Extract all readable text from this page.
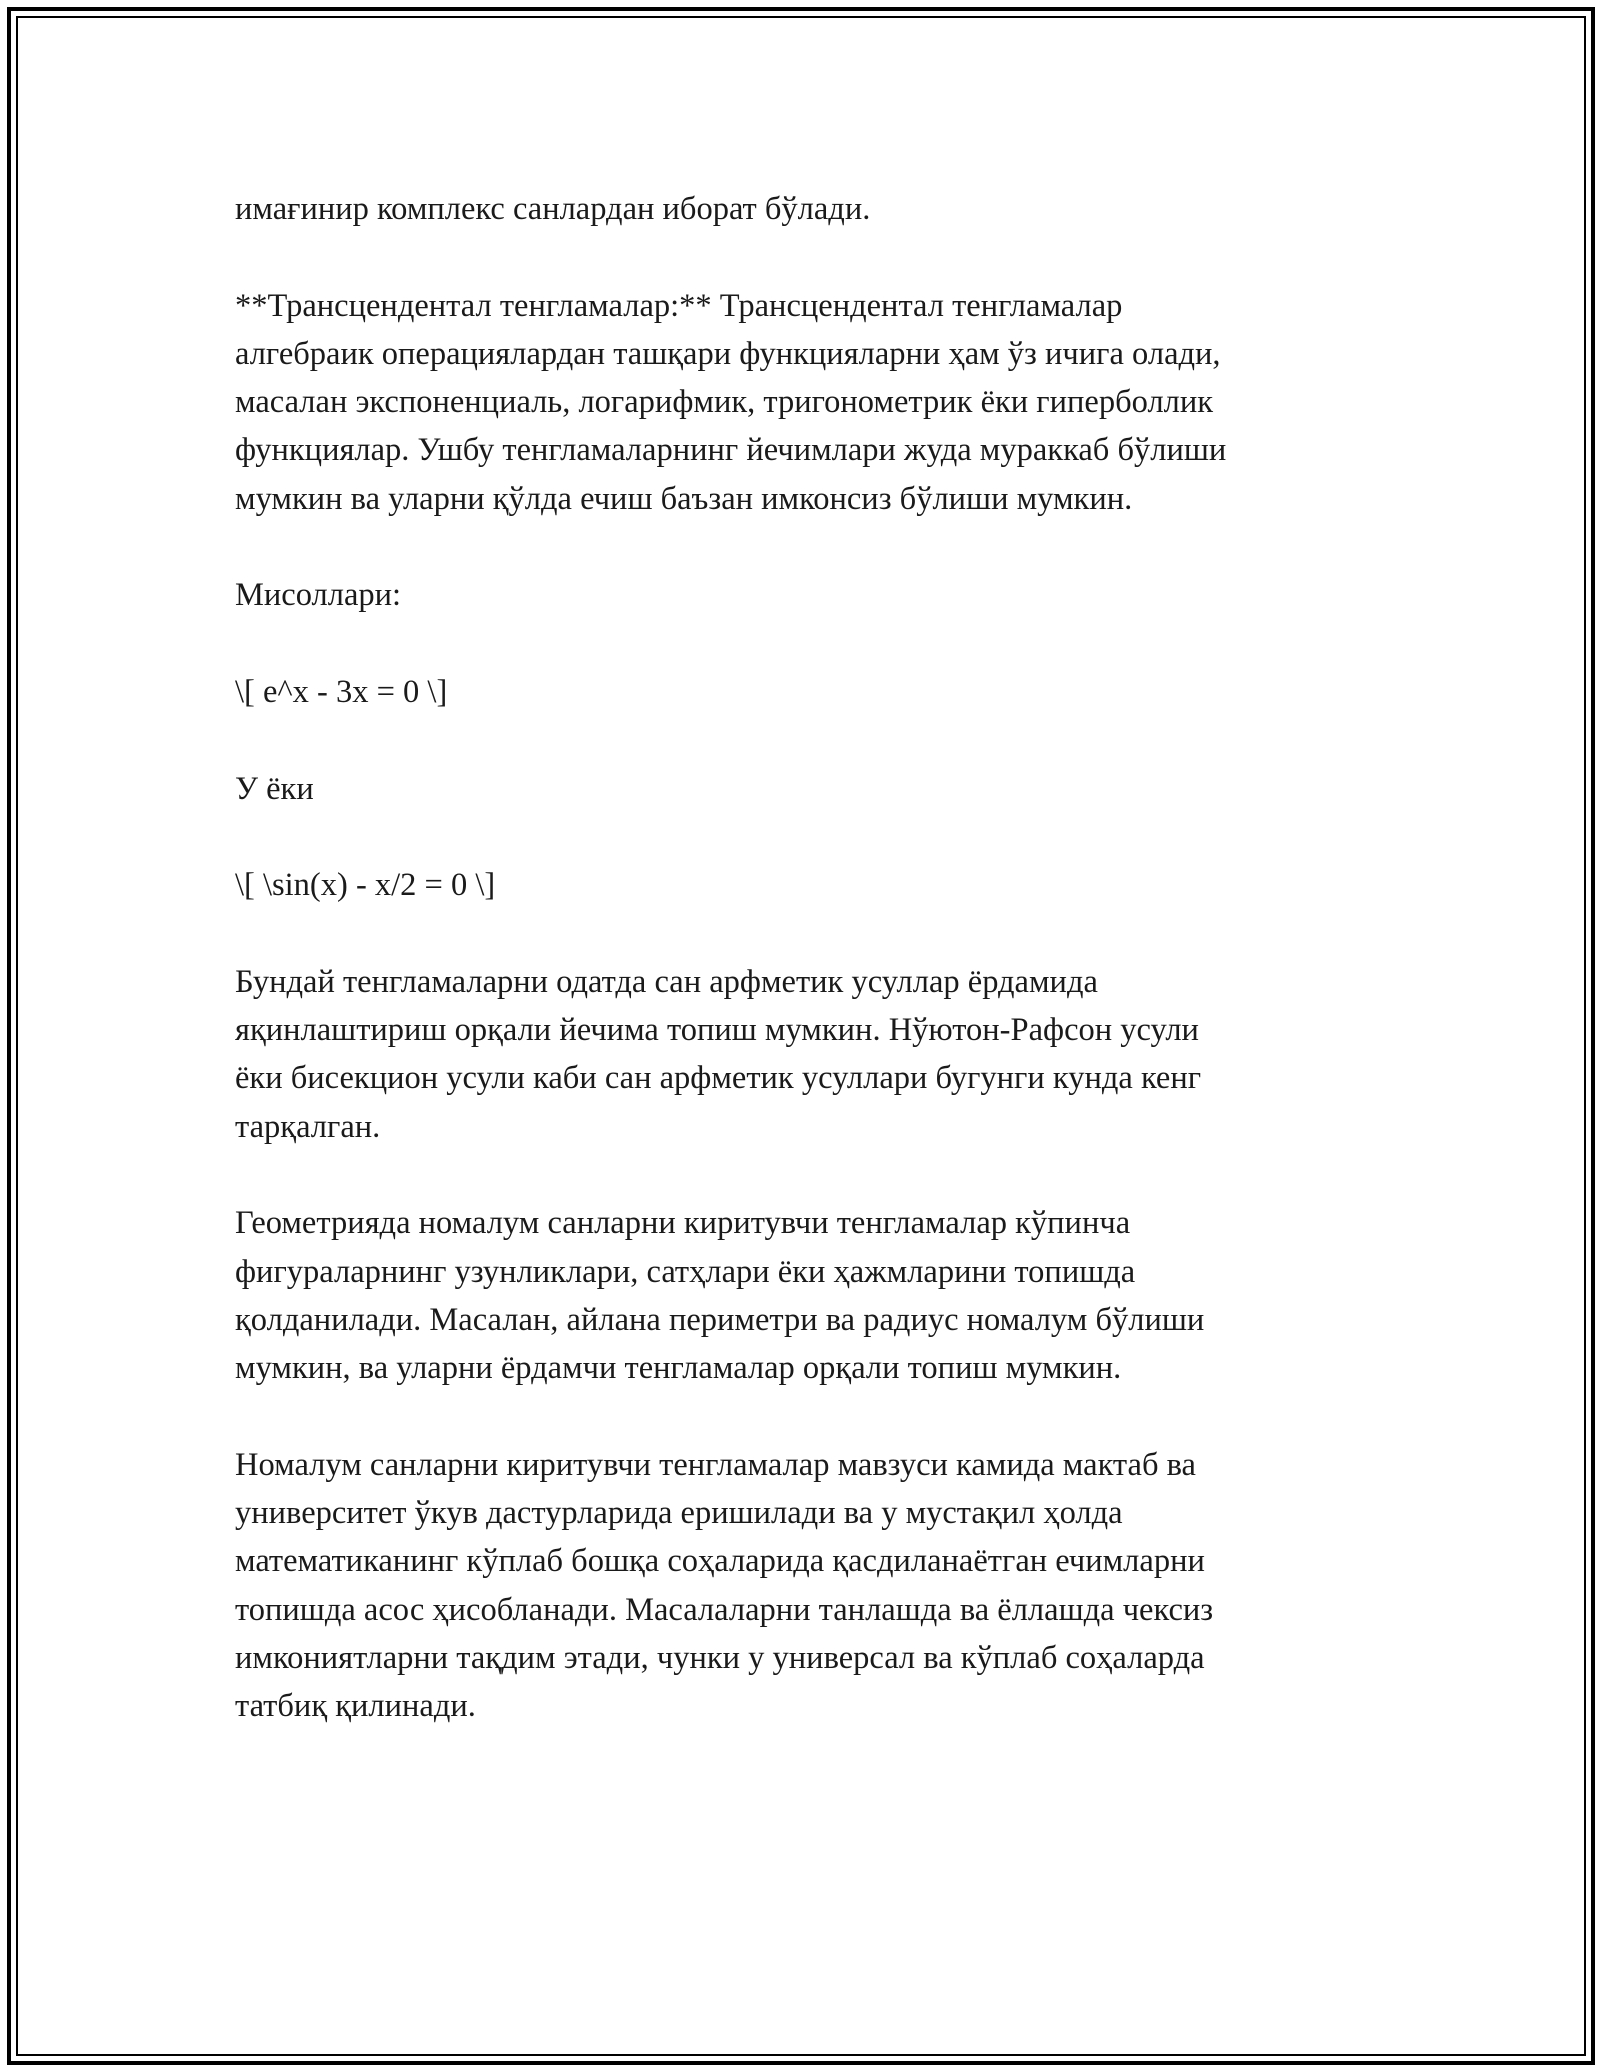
имағинир комплекс санлардан иборат бўлади.

**Трансцендентал тенгламалар:** Трансцендентал тенгламалар
алгебраик операциялардан ташқари функцияларни ҳам ўз ичига олади,
масалан экспоненциаль, логарифмик, тригонометрик ёки гиперболлик
функциялар. Ушбу тенгламаларнинг йечимлари жуда мураккаб бўлиши
мумкин ва уларни қўлда ечиш баъзан имконсиз бўлиши мумкин.

Мисоллари:

\[ e^x - 3x = 0 \]

У ёки

\[ \sin(x) - x/2 = 0 \]

Бундай тенгламаларни одатда сан арфметик усуллар ёрдамида
яқинлаштириш орқали йечима топиш мумкин. Нўютон-Рафсон усули
ёки бисекцион усули каби сан арфметик усуллари бугунги кунда кенг
тарқалган.

Геометрияда номалум санларни киритувчи тенгламалар кўпинча
фигураларнинг узунликлари, сатҳлари ёки ҳажмларини топишда
қолданилади. Масалан, айлана периметри ва радиус номалум бўлиши
мумкин, ва уларни ёрдамчи тенгламалар орқали топиш мумкин.

Номалум санларни киритувчи тенгламалар мавзуси камида мактаб ва
университет ўкув дастурларида еришилади ва у мустақил ҳолда
математиканинг кўплаб бошқа соҳаларида қасдиланаётган ечимларни
топишда асос ҳисобланади. Масалаларни танлашда ва ёллашда чексиз
имкониятларни тақдим этади, чунки у универсал ва кўплаб соҳаларда
татбиқ қилинади.
